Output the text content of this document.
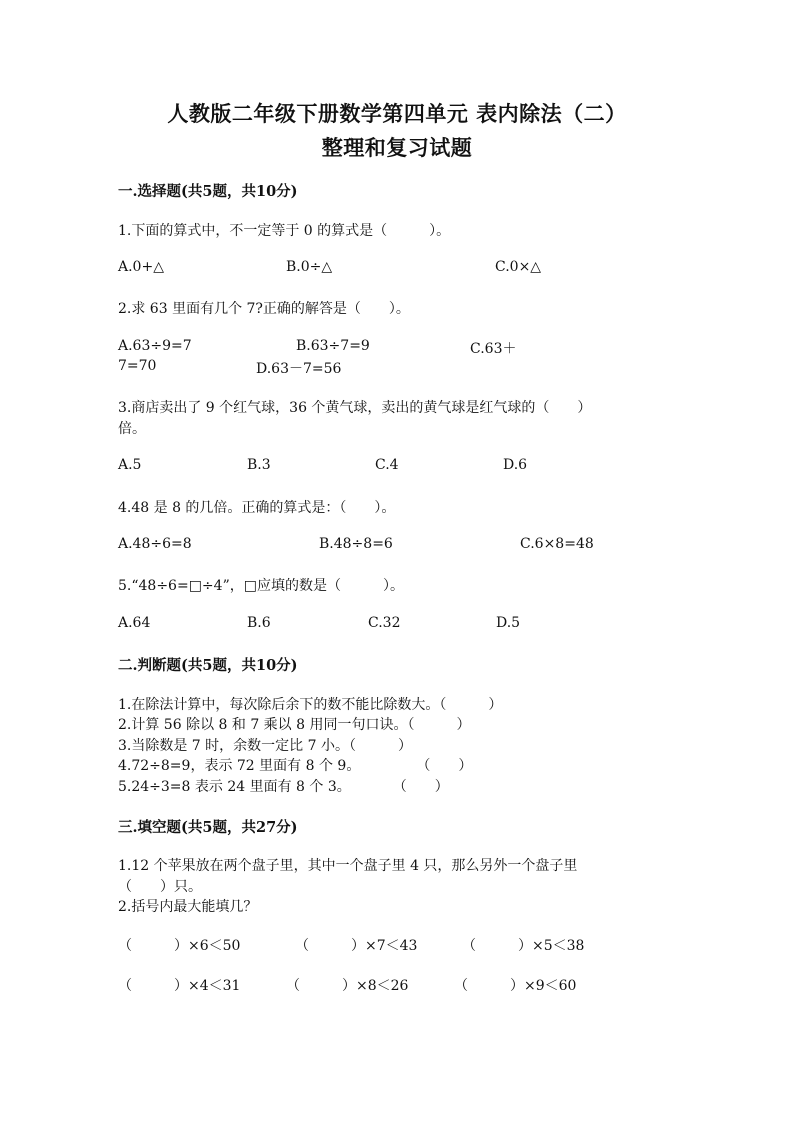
人教版二年级下册数学第四单元 表内除法（二）
整理和复习试题
一.选择题(共5题，共10分)
1.下面的算式中，不一定等于 0 的算式是（　　　）。
A.0+△	B.0÷△	C.0×△
2.求 63 里面有几个 7?正确的解答是（　　）。
A.63÷9=7	B.63÷7=9	C.63＋
7=70	D.63－7=56
3.商店卖出了 9 个红气球，36 个黄气球，卖出的黄气球是红气球的（　　）
倍。
A.5	B.3	C.4	D.6
4.48 是 8 的几倍。正确的算式是：（　　）。
A.48÷6=8	B.48÷8=6	C.6×8=48
5.“48÷6=□÷4”，□应填的数是（　　　）。
A.64	B.6	C.32	D.5
二.判断题(共5题，共10分)
1.在除法计算中，每次除后余下的数不能比除数大。（　　　）
2.计算 56 除以 8 和 7 乘以 8 用同一句口诀。（　　　）
3.当除数是 7 时，余数一定比 7 小。（　　　）
4.72÷8=9，表示 72 里面有 8 个 9。　　　　　（　　）
5.24÷3=8 表示 24 里面有 8 个 3。　　　　（　　）
三.填空题(共5题，共27分)
1.12 个苹果放在两个盘子里，其中一个盘子里 4 只，那么另外一个盘子里
（　　）只。
2.括号内最大能填几？
（　　　）×6＜50	（　　　）×7＜43	（　　　）×5＜38
（　　　）×4＜31	（　　　）×8＜26	（　　　）×9＜60
